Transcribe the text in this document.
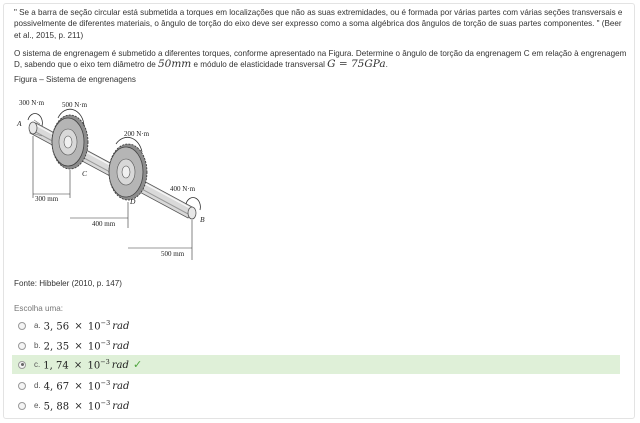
" Se a barra de seção circular está submetida a torques em localizações que não as suas extremidades, ou é formada por várias partes com várias seções transversais e possivelmente de diferentes materiais, o ângulo de torção do eixo deve ser expresso como a soma algébrica dos ângulos de torção de suas partes componentes. " (Beer et al., 2015, p. 211)

O sistema de engrenagem é submetido a diferentes torques, conforme apresentado na Figura. Determine o ângulo de torção da engrenagem C em relação à engrenagem D, sabendo que o eixo tem diâmetro de 50mm e módulo de elasticidade transversal G = 75GPa.

Figura – Sistema de engrenagens

300 N·m	500 N·m
200 N·m
400 N·m
300 mm
400 mm
500 mm
A
B
C
D

Fonte: Hibbeler (2010, p. 147)

Escolha uma:

a. 3, $56 \times 10^{-3}$ rad
b. 2, $35 \times 10^{-3}$ rad
c. 1, $74 \times 10^{-3}$ rad ✓
d. 4, $67 \times 10^{-3}$ rad
e. 5, $88 \times 10^{-3}$ rad
